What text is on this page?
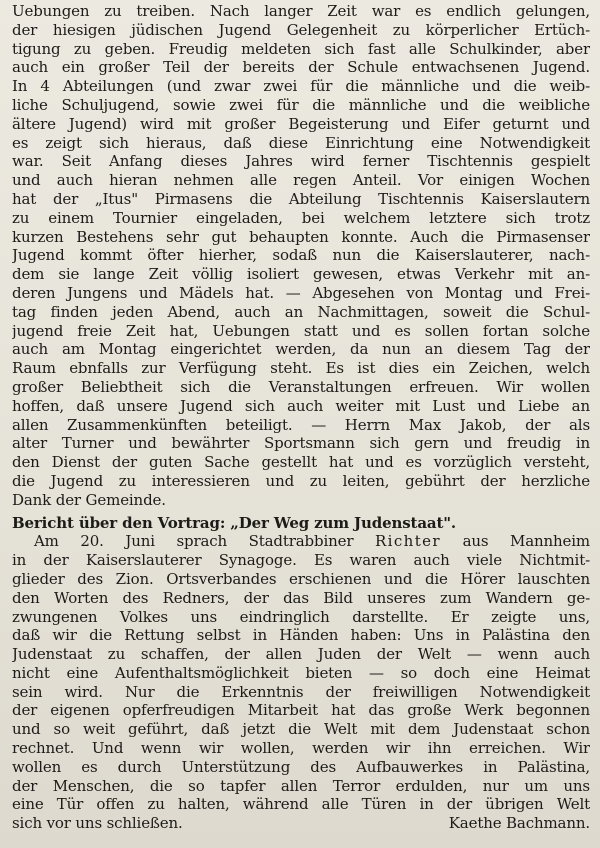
Uebungen zu treiben. Nach langer Zeit war es endlich gelungen,
der hiesigen jüdischen Jugend Gelegenheit zu körperlicher Ertüch-
tigung zu geben. Freudig meldeten sich fast alle Schulkinder, aber
auch ein großer Teil der bereits der Schule entwachsenen Jugend.
In 4 Abteilungen (und zwar zwei für die männliche und die weib-
liche Schuljugend, sowie zwei für die männliche und die weibliche
ältere Jugend) wird mit großer Begeisterung und Eifer geturnt und
es zeigt sich hieraus, daß diese Einrichtung eine Notwendigkeit
war. Seit Anfang dieses Jahres wird ferner Tischtennis gespielt
und auch hieran nehmen alle regen Anteil. Vor einigen Wochen
hat der „Itus" Pirmasens die Abteilung Tischtennis Kaiserslautern
zu einem Tournier eingeladen, bei welchem letztere sich trotz
kurzen Bestehens sehr gut behaupten konnte. Auch die Pirmasenser
Jugend kommt öfter hierher, sodaß nun die Kaiserslauterer, nach-
dem sie lange Zeit völlig isoliert gewesen, etwas Verkehr mit an-
deren Jungens und Mädels hat. — Abgesehen von Montag und Frei-
tag finden jeden Abend, auch an Nachmittagen, soweit die Schul-
jugend freie Zeit hat, Uebungen statt und es sollen fortan solche
auch am Montag eingerichtet werden, da nun an diesem Tag der
Raum ebnfalls zur Verfügung steht. Es ist dies ein Zeichen, welch
großer Beliebtheit sich die Veranstaltungen erfreuen. Wir wollen
hoffen, daß unsere Jugend sich auch weiter mit Lust und Liebe an
allen Zusammenkünften beteiligt. — Herrn Max Jakob, der als
alter Turner und bewährter Sportsmann sich gern und freudig in
den Dienst der guten Sache gestellt hat und es vorzüglich versteht,
die Jugend zu interessieren und zu leiten, gebührt der herzliche
Dank der Gemeinde.
Bericht über den Vortrag: „Der Weg zum Judenstaat".
Am 20. Juni sprach Stadtrabbiner Richter aus Mannheim
in der Kaiserslauterer Synagoge. Es waren auch viele Nichtmit-
glieder des Zion. Ortsverbandes erschienen und die Hörer lauschten
den Worten des Redners, der das Bild unseres zum Wandern ge-
zwungenen Volkes uns eindringlich darstellte. Er zeigte uns,
daß wir die Rettung selbst in Händen haben: Uns in Palästina den
Judenstaat zu schaffen, der allen Juden der Welt — wenn auch
nicht eine Aufenthaltsmöglichkeit bieten — so doch eine Heimat
sein wird. Nur die Erkenntnis der freiwilligen Notwendigkeit
der eigenen opferfreudigen Mitarbeit hat das große Werk begonnen
und so weit geführt, daß jetzt die Welt mit dem Judenstaat schon
rechnet. Und wenn wir wollen, werden wir ihn erreichen. Wir
wollen es durch Unterstützung des Aufbauwerkes in Palästina,
der Menschen, die so tapfer allen Terror erdulden, nur um uns
eine Tür offen zu halten, während alle Türen in der übrigen Welt
sich vor uns schließen.	Kaethe Bachmann.
